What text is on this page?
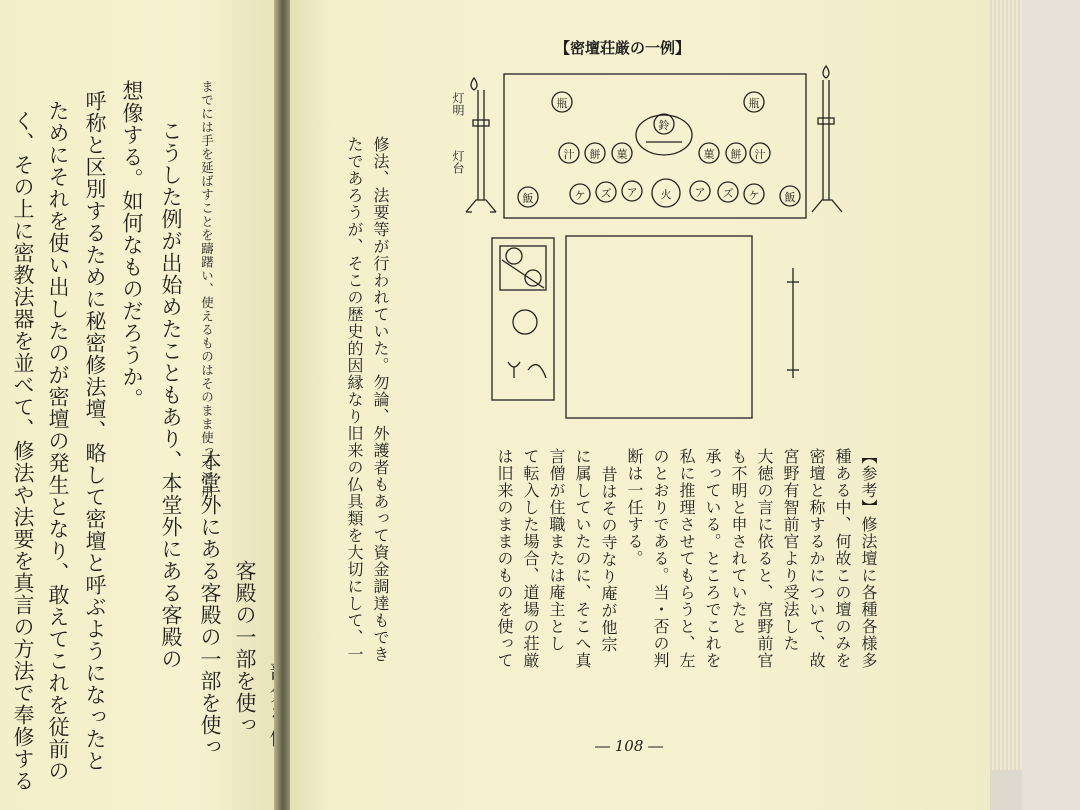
客殿の一部を使っ
本堂外にある客殿の一部を使っ
こうした例が出始めたこともあり、本堂外にある客殿の
想像する。如何なものだろうか。
呼称と区別するために秘密修法壇、略して密壇と呼ぶようになったと
ためにそれを使い出したのが密壇の発生となり、敢えてこれを従前の
く、その上に密教法器を並べて、修法や法要を真言の方法で奉修する	までには手を延ばすことを躊躇い、使えるものはそのまま使って活用
【密壇荘厳の一例】
灯明
灯台
瓶	瓶
鈴
汁	餅	菓	菓	餅	汁
飯	ケ	ズ	ア	火	ア	ズ	ケ	飯
修法、法要等が行われていた。勿論、外護者もあって資金調達もでき
たであろうが、そこの歴史的因縁なり旧来の仏具類を大切にして、一	【参考】修法壇に各種各様多
種ある中、何故この壇のみを
密壇と称するかについて、故
宮野有智前官より受法した
大徳の言に依ると、宮野前官
も不明と申されていたと
承っている。ところでこれを
私に推理させてもらうと、左
のとおりである。当・否の判
断は一任する。
昔はその寺なり庵が他宗
に属していたのに、そこへ真
言僧が住職または庵主とし
て転入した場合、道場の荘厳
は旧来のままのものを使って
― 108 ―
